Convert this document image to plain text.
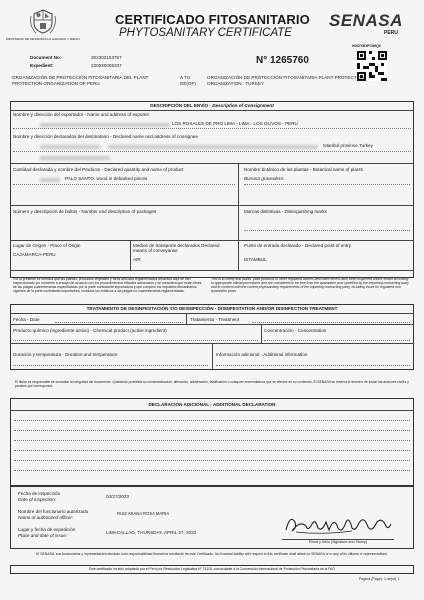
MINISTERIO DE DESARROLLO AGRARIO Y RIEGO
CERTIFICADO FITOSANITARIO
PHYTOSANITARY CERTIFICATE
SENASA
PERU
HODY8DPCIMQ9
Document No:	202302153757
Expedient:	230020005337	N° 1265760
ORGANIZACIÓN DE PROTECCIÓN FITOSANITARIA DEL PLANT PROTECTION ORGANIZATION OF PERU
A TO DE(OF)
ORGANIZACIÓN DE PROTECCIÓN FITOSANITARIA PLANT PROTECTION ORGANIZATION : TURKEY
DESCRIPCIÓN DEL ENVÍO - Description of Consignment
Nombre y dirección del exportador - Name and address of exporter
LOS ROSALES DE PRO LIMA - LIMA - LOS OLIVOS - PERU
Nombre y dirección declarados del destinatario - Declared name and address of consignee
Istanbul province,Turkey
Cantidad declarada y nombre del Producto - Declared quantity and name of product
PALO SANTO, wood in debarked pieces
Nombre botánico de las plantas - Botanical name of plants
Bursera graveolens
Número y descripción de bultos - Number and description of packages	Marcas distintivas - Distinguishing marks
Lugar de Origen - Place of Origin
CAJAMARCA-PERU
Medios de transporte declarados Declared means of conveyanse
AIR
Punto de entrada declarado - Declared point of entry
ISTAMBUL
Por la presente se certifica que las plantas, productos vegetales y otros artículos reglamentados descritos aquí se han inspeccionado y/o sometido a ensayo de acuerdo con los procedimientos oficiales adecuados y se considera que están libres de las plagas cuarentenarias especificadas por la parte contratante importadora y que cumplen los requisitos fitosanitarios vigentes de la parte contratante importadora, incluidos los relativos a las plagas no cuarentenarias reglamentadas.
This is to certify that plants, plant products or other regulated articles described herein have been inspected and/or tested according to appropriate official procedures and are considered to be free from the quarantine pest specified by the importing contracting party and to conform with the current phytosanitary requirements of the importing contracting party, including those for regulated non quarantine pests.
TRATAMIENTO DE DESINFESTACIÓN Y/O DESINFECCIÓN - DISINFESTATION AND/OR DISINFECTION TREATMENT
Fecha - Date	Tratamiento - Treatment
Producto químico (ingrediente activo) - Chemical product (active ingredient)	Concentración - Concentration
Duración y temperatura - Duration and temperature	Información adicional - Additional information
El titular es responsable de custodiar la integridad del documento. Quedando prohibida su comercialización, alteración, adulteración, falsificación o cualquier enmendadura que se efectúe en su contenido. El SENASA se reserva el derecho de iniciar las acciones civiles y penales que corresponda.
DECLARACIÓN ADICIONAL - ADDITIONAL DECLARATION
Fecha de inspección
Date of inspection:
04/27/2023
Nombre del funcionario autorizado
Name of authorized officer:
RUIZ ARANA ROSA MARIA
Lugar y fecha de expedición
Place and date of issue:
LIMACALLAO, THURSDAY, APRIL 27, 2023
Firma y Sello (Signature and Stamp)
El SENASA, sus funcionarios y representantes declinan toda responsabilidad financiera resultante de este Certificado. No financial liability with respect to this certificate shall attach to SENASA or to any of its officers or representatives.
Este certificado ha sido adoptado por el Perú por Resolución Legislativa N° 21115, concordante a la Convención Internacional de Protección Fitosanitaria de la FAO
Pagina (Page): 1 de(of) 1
